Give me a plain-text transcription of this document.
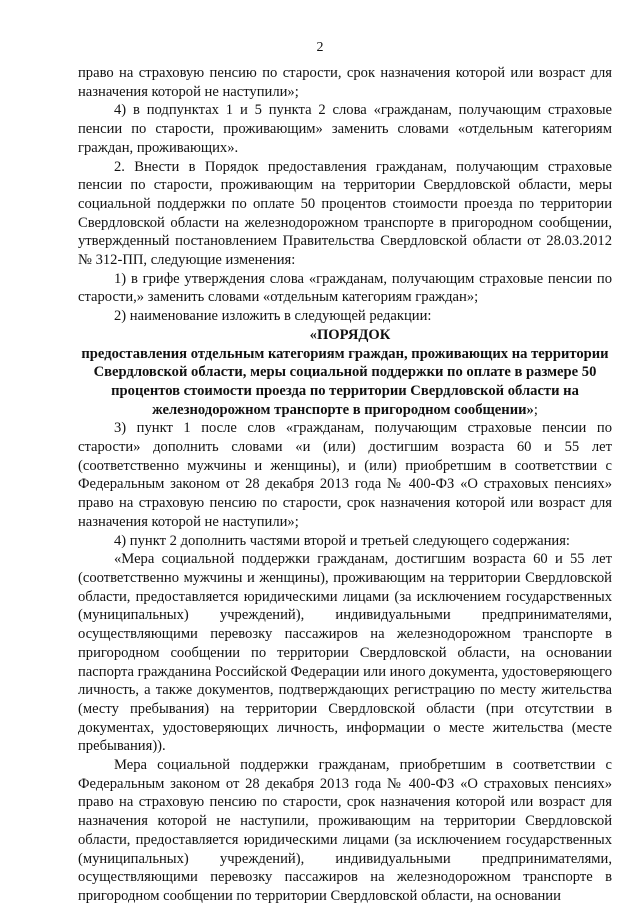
2

право на страховую пенсию по старости, срок назначения которой или возраст для назначения которой не наступили»;

4) в подпунктах 1 и 5 пункта 2 слова «гражданам, получающим страховые пенсии по старости, проживающим» заменить словами «отдельным категориям граждан, проживающих».

2. Внести в Порядок предоставления гражданам, получающим страховые пенсии по старости, проживающим на территории Свердловской области, меры социальной поддержки по оплате 50 процентов стоимости проезда по территории Свердловской области на железнодорожном транспорте в пригородном сообщении, утвержденный постановлением Правительства Свердловской области от 28.03.2012 № 312-ПП, следующие изменения:

1) в грифе утверждения слова «гражданам, получающим страховые пенсии по старости,» заменить словами «отдельным категориям граждан»;

2) наименование изложить в следующей редакции:

«ПОРЯДОК

предоставления отдельным категориям граждан, проживающих на территории Свердловской области, меры социальной поддержки по оплате в размере 50 процентов стоимости проезда по территории Свердловской области на железнодорожном транспорте в пригородном сообщении»;

3) пункт 1 после слов «гражданам, получающим страховые пенсии по старости» дополнить словами «и (или) достигшим возраста 60 и 55 лет (соответственно мужчины и женщины), и (или) приобретшим в соответствии с Федеральным законом от 28 декабря 2013 года № 400-ФЗ «О страховых пенсиях» право на страховую пенсию по старости, срок назначения которой или возраст для назначения которой не наступили»;

4) пункт 2 дополнить частями второй и третьей следующего содержания:

«Мера социальной поддержки гражданам, достигшим возраста 60 и 55 лет (соответственно мужчины и женщины), проживающим на территории Свердловской области, предоставляется юридическими лицами (за исключением государственных (муниципальных) учреждений), индивидуальными предпринимателями, осуществляющими перевозку пассажиров на железнодорожном транспорте в пригородном сообщении по территории Свердловской области, на основании паспорта гражданина Российской Федерации или иного документа, удостоверяющего личность, а также документов, подтверждающих регистрацию по месту жительства (месту пребывания) на территории Свердловской области (при отсутствии в документах, удостоверяющих личность, информации о месте жительства (месте пребывания)).

Мера социальной поддержки гражданам, приобретшим в соответствии с Федеральным законом от 28 декабря 2013 года № 400-ФЗ «О страховых пенсиях» право на страховую пенсию по старости, срок назначения которой или возраст для назначения которой не наступили, проживающим на территории Свердловской области, предоставляется юридическими лицами (за исключением государственных (муниципальных) учреждений), индивидуальными предпринимателями, осуществляющими перевозку пассажиров на железнодорожном транспорте в пригородном сообщении по территории Свердловской области, на основании
